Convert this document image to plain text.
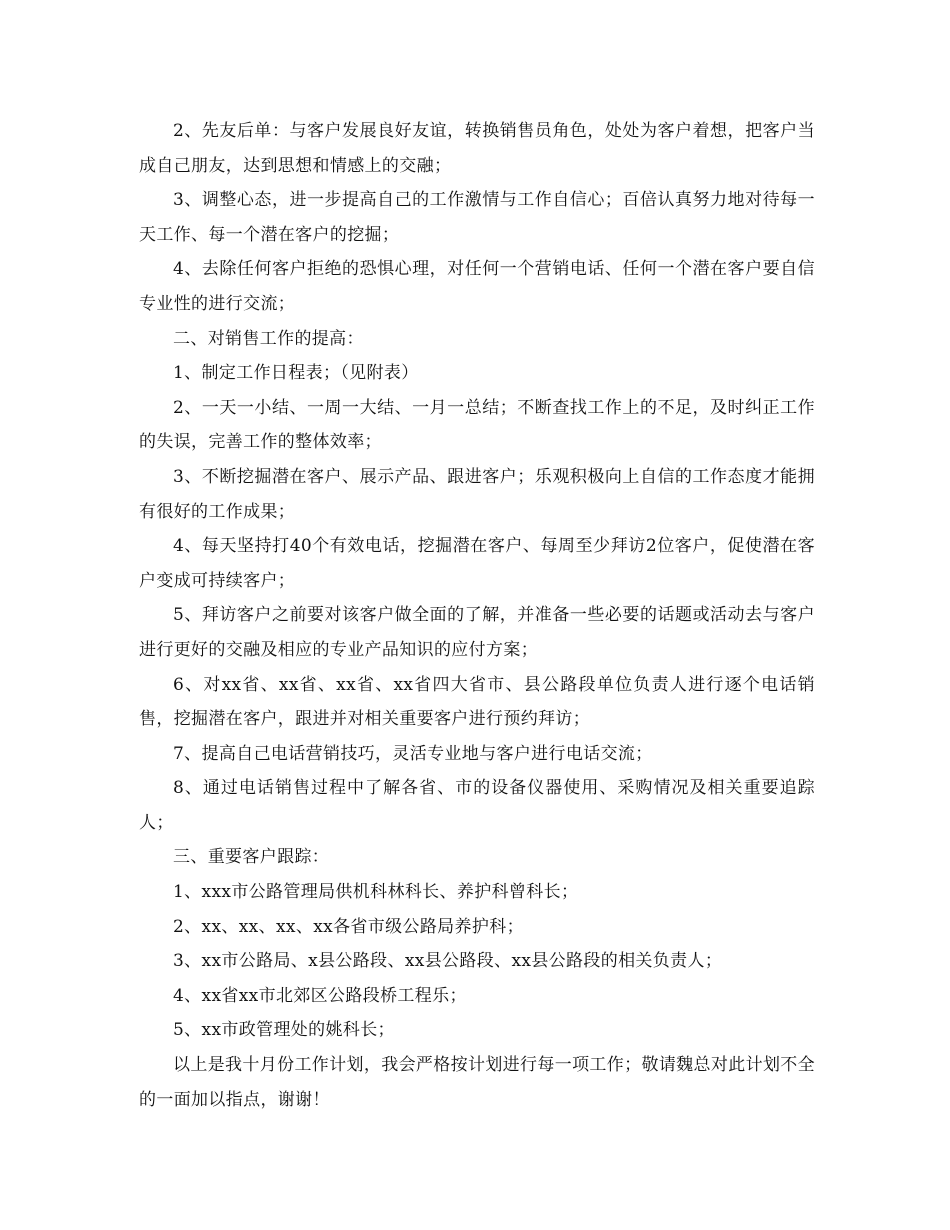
2、先友后单：与客户发展良好友谊，转换销售员角色，处处为客户着想，把客户当成自己朋友，达到思想和情感上的交融；

3、调整心态，进一步提高自己的工作激情与工作自信心；百倍认真努力地对待每一天工作、每一个潜在客户的挖掘；

4、去除任何客户拒绝的恐惧心理，对任何一个营销电话、任何一个潜在客户要自信专业性的进行交流；

二、对销售工作的提高：

1、制定工作日程表；（见附表）

2、一天一小结、一周一大结、一月一总结；不断查找工作上的不足，及时纠正工作的失误，完善工作的整体效率；

3、不断挖掘潜在客户、展示产品、跟进客户；乐观积极向上自信的工作态度才能拥有很好的工作成果；

4、每天坚持打40个有效电话，挖掘潜在客户、每周至少拜访2位客户，促使潜在客户变成可持续客户；

5、拜访客户之前要对该客户做全面的了解，并准备一些必要的话题或活动去与客户进行更好的交融及相应的专业产品知识的应付方案；

6、对xx省、xx省、xx省、xx省四大省市、县公路段单位负责人进行逐个电话销售，挖掘潜在客户，跟进并对相关重要客户进行预约拜访；

7、提高自己电话营销技巧，灵活专业地与客户进行电话交流；

8、通过电话销售过程中了解各省、市的设备仪器使用、采购情况及相关重要追踪人；

三、重要客户跟踪：

1、xxx市公路管理局供机科林科长、养护科曾科长；

2、xx、xx、xx、xx各省市级公路局养护科；

3、xx市公路局、x县公路段、xx县公路段、xx县公路段的相关负责人；

4、xx省xx市北郊区公路段桥工程乐；

5、xx市政管理处的姚科长；

以上是我十月份工作计划，我会严格按计划进行每一项工作；敬请魏总对此计划不全的一面加以指点，谢谢！
